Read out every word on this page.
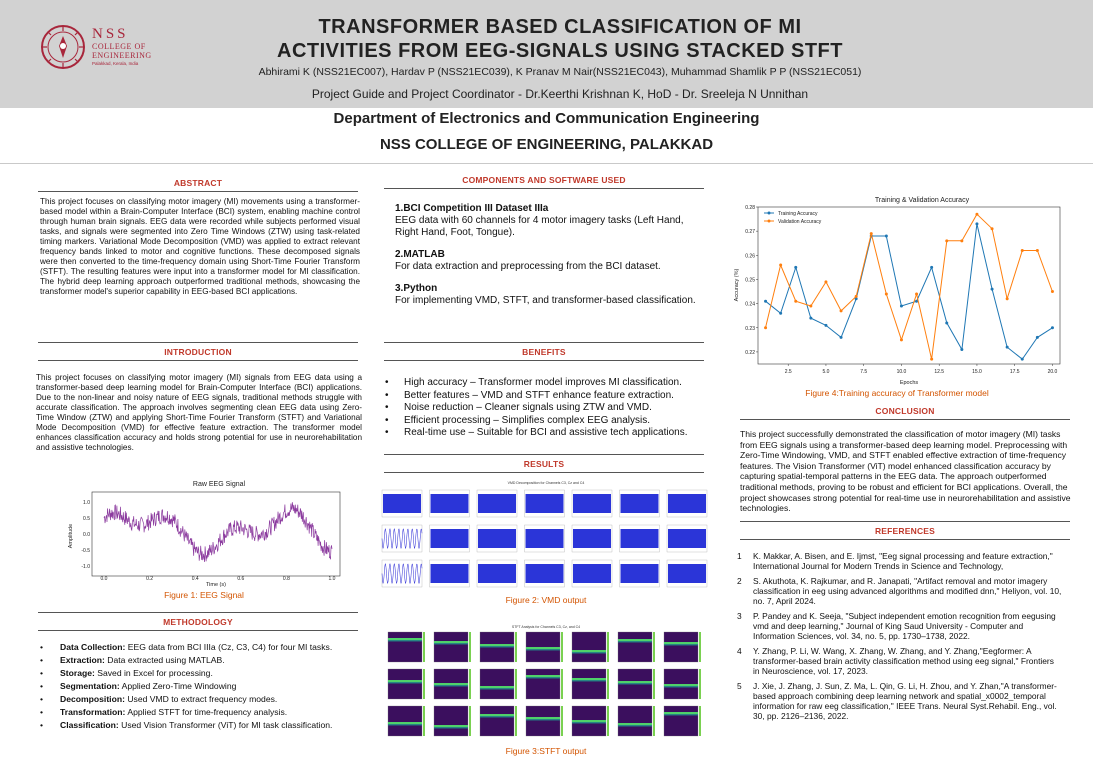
NSS
COLLEGE OF
ENGINEERING
Palakkad, Kerala, India
TRANSFORMER BASED CLASSIFICATION OF MI
ACTIVITIES FROM EEG-SIGNALS USING STACKED STFT
Abhirami K (NSS21EC007), Hardav P (NSS21EC039), K Pranav M Nair(NSS21EC043), Muhammad Shamlik P P (NSS21EC051)
Project Guide and Project Coordinator - Dr.Keerthi Krishnan K, HoD - Dr. Sreeleja N Unnithan
Department of Electronics and Communication Engineering
NSS COLLEGE OF ENGINEERING, PALAKKAD
ABSTRACT
This project focuses on classifying motor imagery (MI) movements using a transformer-based model within a Brain-Computer Interface (BCI) system, enabling machine control through human brain signals. EEG data were recorded while subjects performed visual tasks, and signals were segmented into Zero Time Windows (ZTW) using task-related timing markers. Variational Mode Decomposition (VMD) was applied to extract relevant frequency bands linked to motor and cognitive functions. These decomposed signals were then converted to the time-frequency domain using Short-Time Fourier Transform (STFT). The resulting features were input into a transformer model for MI classification. The hybrid deep learning approach outperformed traditional methods, showcasing the transformer model's superior capability in EEG-based BCI applications.
INTRODUCTION
This project focuses on classifying motor imagery (MI) signals from EEG data using a transformer-based deep learning model for Brain-Computer Interface (BCI) applications. Due to the non-linear and noisy nature of EEG signals, traditional methods struggle with accurate classification. The approach involves segmenting clean EEG data using Zero-Time Window (ZTW) and applying Short-Time Fourier Transform (STFT) and Variational Mode Decomposition (VMD) for effective feature extraction. The transformer model enhances classification accuracy and holds strong potential for use in neurorehabilitation and assistive technologies.
Raw EEG Signal
Amplitude
Time (s)
1.0
0.5
0.0
-0.5
-1.0
0.0	0.2	0.4	0.6	0.8	1.0
Figure 1: EEG Signal
METHODOLOGY
• Data Collection: EEG data from BCI IIIa (Cz, C3, C4) for four MI tasks.
• Extraction: Data extracted using MATLAB.
• Storage: Saved in Excel for processing.
• Segmentation: Applied Zero-Time Windowing
• Decomposition: Used VMD to extract frequency modes.
• Transformation: Applied STFT for time-frequency analysis.
• Classification: Used Vision Transformer (ViT) for MI task classification.
COMPONENTS AND SOFTWARE USED
1.BCI Competition III Dataset IIIa
EEG data with 60 channels for 4 motor imagery tasks (Left Hand, Right Hand, Foot, Tongue).
2.MATLAB
For data extraction and preprocessing from the BCI dataset.
3.Python
For implementing VMD, STFT, and transformer-based classification.
BENEFITS
• High accuracy – Transformer model improves MI classification.
• Better features – VMD and STFT enhance feature extraction.
• Noise reduction – Cleaner signals using ZTW and VMD.
• Efficient processing – Simplifies complex EEG analysis.
• Real-time use – Suitable for BCI and assistive tech applications.
RESULTS
VMD Decomposition for Channels C3, Cz and C4
Figure 2: VMD output
STFT Analysis for Channels C3, Cz, and C4
Figure 3:STFT output
Training & Validation Accuracy
Accuracy (%)
Epochs
0.22
0.23
0.24
0.25
0.26
0.27
0.28
2.5	5.0	7.5	10.0	12.5	15.0	17.5	20.0
Training Accuracy
Validation Accuracy
Figure 4:Training accuracy of Transformer model
CONCLUSION
This project successfully demonstrated the classification of motor imagery (MI) tasks from EEG signals using a transformer-based deep learning model. Preprocessing with Zero-Time Windowing, VMD, and STFT enabled effective extraction of time-frequency features. The Vision Transformer (ViT) model enhanced classification accuracy by capturing spatial-temporal patterns in the EEG data. The approach outperformed traditional methods, proving to be robust and efficient for BCI applications. Overall, the project showcases strong potential for real-time use in neurorehabilitation and assistive technologies.
REFERENCES
1 K. Makkar, A. Bisen, and E. Ijmst, "Eeg signal processing and feature extraction," International Journal for Modern Trends in Science and Technology,
2 S. Akuthota, K. Rajkumar, and R. Janapati, "Artifact removal and motor imagery classification in eeg using advanced algorithms and modified dnn," Heliyon, vol. 10, no. 7, April 2024.
3 P. Pandey and K. Seeja, "Subject independent emotion recognition from eegusing vmd and deep learning," Journal of King Saud University - Computer and Information Sciences, vol. 34, no. 5, pp. 1730–1738, 2022.
4 Y. Zhang, P. Li, W. Wang, X. Zhang, W. Zhang, and Y. Zhang,"Eegformer: A transformer-based brain activity classification method using eeg signal," Frontiers in Neuroscience, vol. 17, 2023.
5 J. Xie, J. Zhang, J. Sun, Z. Ma, L. Qin, G. Li, H. Zhou, and Y. Zhan,"A transformer-based approach combining deep learning network and spatial_x0002_temporal information for raw eeg classification," IEEE Trans. Neural Syst.Rehabil. Eng., vol. 30, pp. 2126–2136, 2022.
